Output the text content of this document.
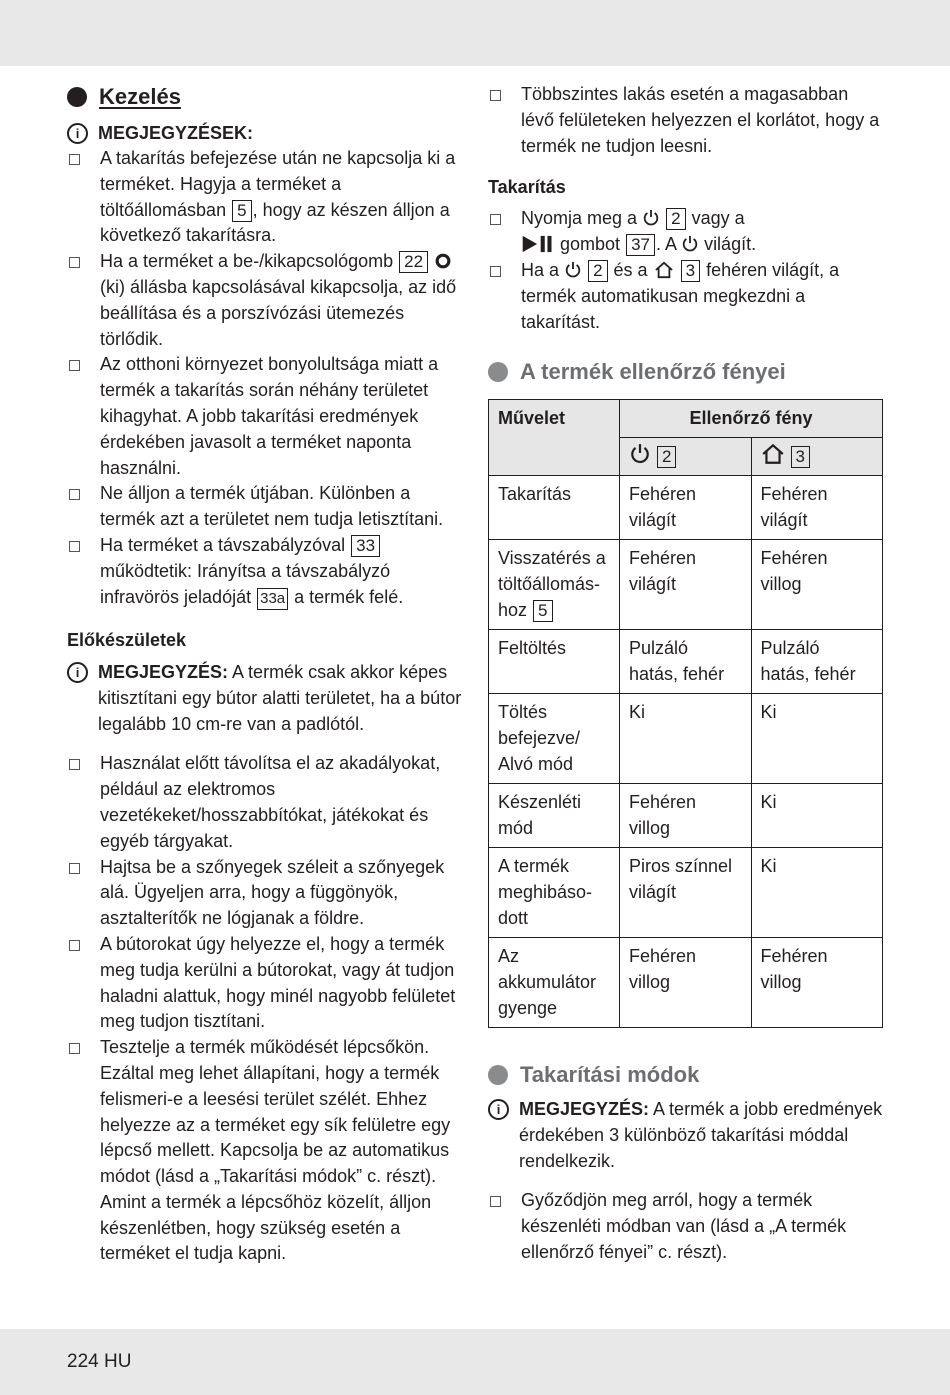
Kezelés
i	MEGJEGYZÉSEK:
A takarítás befejezése után ne kapcsolja ki a terméket. Hagyja a terméket a töltőállomásban 5 , hogy az készen álljon a következő takarításra.
Ha a terméket a be-/kikapcsológomb 22  (ki) állásba kapcsolásával kikapcsolja, az idő beállítása és a porszívózási ütemezés törlődik.
Az otthoni környezet bonyolultsága miatt a termék a takarítás során néhány területet kihagyhat. A jobb takarítási eredmények érdekében javasolt a terméket naponta használni.
Ne álljon a termék útjában. Különben a termék azt a területet nem tudja letisztítani.
Ha terméket a távszabályzóval 33 működtetik: Irányítsa a távszabályzó infravörös jeladóját 33a a termék felé.
Előkészületek
i	MEGJEGYZÉS: A termék csak akkor képes kitisztítani egy bútor alatti területet, ha a bútor legalább 10 cm-re van a padlótól.
Használat előtt távolítsa el az akadályokat, például az elektromos vezetékeket/hosszabbítókat, játékokat és egyéb tárgyakat.
Hajtsa be a szőnyegek széleit a szőnyegek alá. Ügyeljen arra, hogy a függönyök, asztalterítők ne lógjanak a földre.
A bútorokat úgy helyezze el, hogy a termék meg tudja kerülni a bútorokat, vagy át tudjon haladni alattuk, hogy minél nagyobb felületet meg tudjon tisztítani.
Tesztelje a termék működését lépcsőkön. Ezáltal meg lehet állapítani, hogy a termék felismeri-e a leesési terület szélét. Ehhez helyezze az a terméket egy sík felületre egy lépcső mellett. Kapcsolja be az automatikus módot (lásd a „Takarítási módok” c. részt). Amint a termék a lépcsőhöz közelít, álljon készenlétben, hogy szükség esetén a terméket el tudja kapni.
Többszintes lakás esetén a magasabban lévő felületeken helyezzen el korlátot, hogy a termék ne tudjon leesni.
Takarítás
Nyomja meg a 2 vagy a
gombot 37 . A világít.
Ha a 2 és a 3 fehéren világít, a termék automatikusan megkezdni a takarítást.
A termék ellenőrző fényei
Művelet	Ellenőrző fény	
	2	3
Takarítás	Fehéren világít	Fehéren világít
Visszatérés a töltőállomás-hoz 5	Fehéren világít	Fehéren villog
Feltöltés	Pulzáló hatás, fehér	Pulzáló hatás, fehér
Töltés befejezve/ Alvó mód	Ki	Ki
Készenléti mód	Fehéren villog	Ki
A termék meghibáso-dott	Piros színnel világít	Ki
Az akkumulátor gyenge	Fehéren villog	Fehéren villog
Takarítási módok
i	MEGJEGYZÉS: A termék a jobb eredmények érdekében 3 különböző takarítási móddal rendelkezik.
Győződjön meg arról, hogy a termék készenléti módban van (lásd a „A termék ellenőrző fényei” c. részt).
224 HU
